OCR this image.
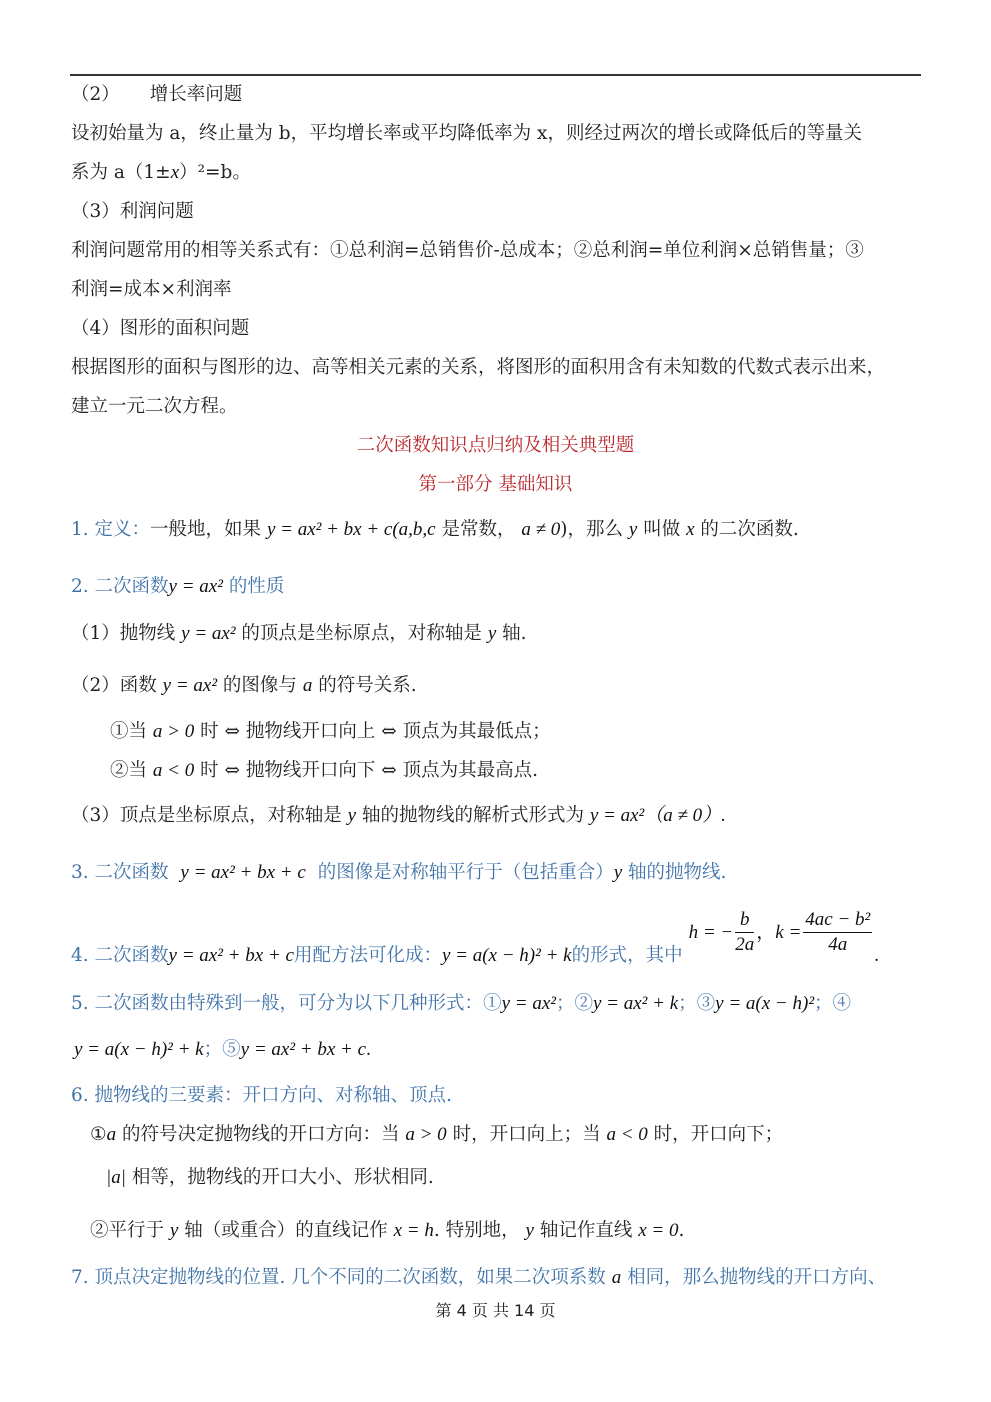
（2） 增长率问题
设初始量为 a，终止量为 b，平均增长率或平均降低率为 x，则经过两次的增长或降低后的等量关
系为 a（1±x）²=b。
（3）利润问题
利润问题常用的相等关系式有：①总利润=总销售价-总成本；②总利润=单位利润×总销售量；③
利润=成本×利润率
（4）图形的面积问题
根据图形的面积与图形的边、高等相关元素的关系，将图形的面积用含有未知数的代数式表示出来，
建立一元二次方程。
二次函数知识点归纳及相关典型题
第一部分 基础知识
1. 定义：一般地，如果 y = ax² + bx + c(a,b,c 是常数， a ≠ 0)，那么 y 叫做 x 的二次函数.
2. 二次函数y = ax² 的性质
（1）抛物线 y = ax² 的顶点是坐标原点，对称轴是 y 轴.
（2）函数 y = ax² 的图像与 a 的符号关系.
①当 a > 0 时 ⇔ 抛物线开口向上 ⇔ 顶点为其最低点；
②当 a < 0 时 ⇔ 抛物线开口向下 ⇔ 顶点为其最高点.
（3）顶点是坐标原点，对称轴是 y 轴的抛物线的解析式形式为 y = ax²（a ≠ 0）.
3. 二次函数 y = ax² + bx + c 的图像是对称轴平行于（包括重合）y 轴的抛物线.
4. 二次函数 y = ax² + bx + c 用配方法可化成： y = a(x − h)² + k 的形式，其中
h = − $\frac{b}{2a}$ ， $k = \frac{\text{4ac − b²}}{4a}$ .
5. 二次函数由特殊到一般，可分为以下几种形式：①y = ax²；②y = ax² + k；③y = a(x − h)²；④
y = a(x − h)² + k；⑤y = ax² + bx + c.
6. 抛物线的三要素：开口方向、对称轴、顶点.
①a 的符号决定抛物线的开口方向：当 a > 0 时，开口向上；当 a < 0 时，开口向下；
|a| 相等，抛物线的开口大小、形状相同.
②平行于 y 轴（或重合）的直线记作 x = h. 特别地， y 轴记作直线 x = 0.
7. 顶点决定抛物线的位置. 几个不同的二次函数，如果二次项系数 a 相同，那么抛物线的开口方向、
第 4 页 共 14 页
